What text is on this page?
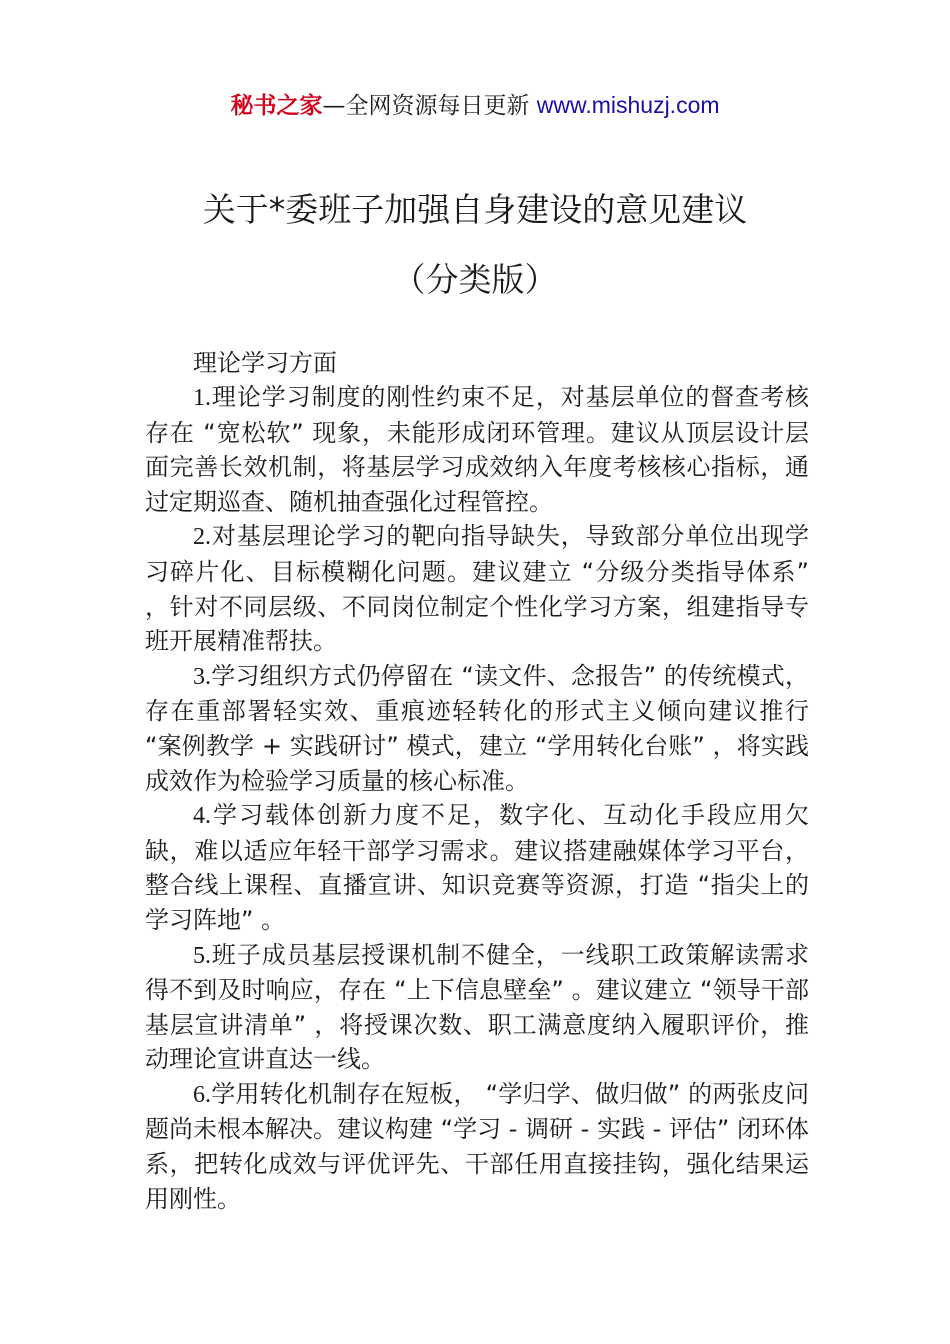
秘书之家—全网资源每日更新 www.mishuzj.com
关于*委班子加强自身建设的意见建议
（分类版）

理论学习方面

1.理论学习制度的刚性约束不足，对基层单位的督查考核存在 “宽松软” 现象，未能形成闭环管理。建议从顶层设计层面完善长效机制，将基层学习成效纳入年度考核核心指标，通过定期巡查、随机抽查强化过程管控。

2.对基层理论学习的靶向指导缺失，导致部分单位出现学习碎片化、目标模糊化问题。建议建立 “分级分类指导体系” ，针对不同层级、不同岗位制定个性化学习方案，组建指导专班开展精准帮扶。

3.学习组织方式仍停留在 “读文件、念报告” 的传统模式，存在重部署轻实效、重痕迹轻转化的形式主义倾向建议推行 “案例教学 + 实践研讨” 模式，建立 “学用转化台账” ，将实践成效作为检验学习质量的核心标准。

4.学习载体创新力度不足，数字化、互动化手段应用欠缺，难以适应年轻干部学习需求。建议搭建融媒体学习平台，整合线上课程、直播宣讲、知识竞赛等资源，打造 “指尖上的学习阵地” 。

5.班子成员基层授课机制不健全，一线职工政策解读需求得不到及时响应，存在 “上下信息壁垒” 。建议建立 “领导干部基层宣讲清单” ，将授课次数、职工满意度纳入履职评价，推动理论宣讲直达一线。

6.学用转化机制存在短板， “学归学、做归做” 的两张皮问题尚未根本解决。建议构建 “学习 - 调研 - 实践 - 评估” 闭环体系，把转化成效与评优评先、干部任用直接挂钩，强化结果运用刚性。
